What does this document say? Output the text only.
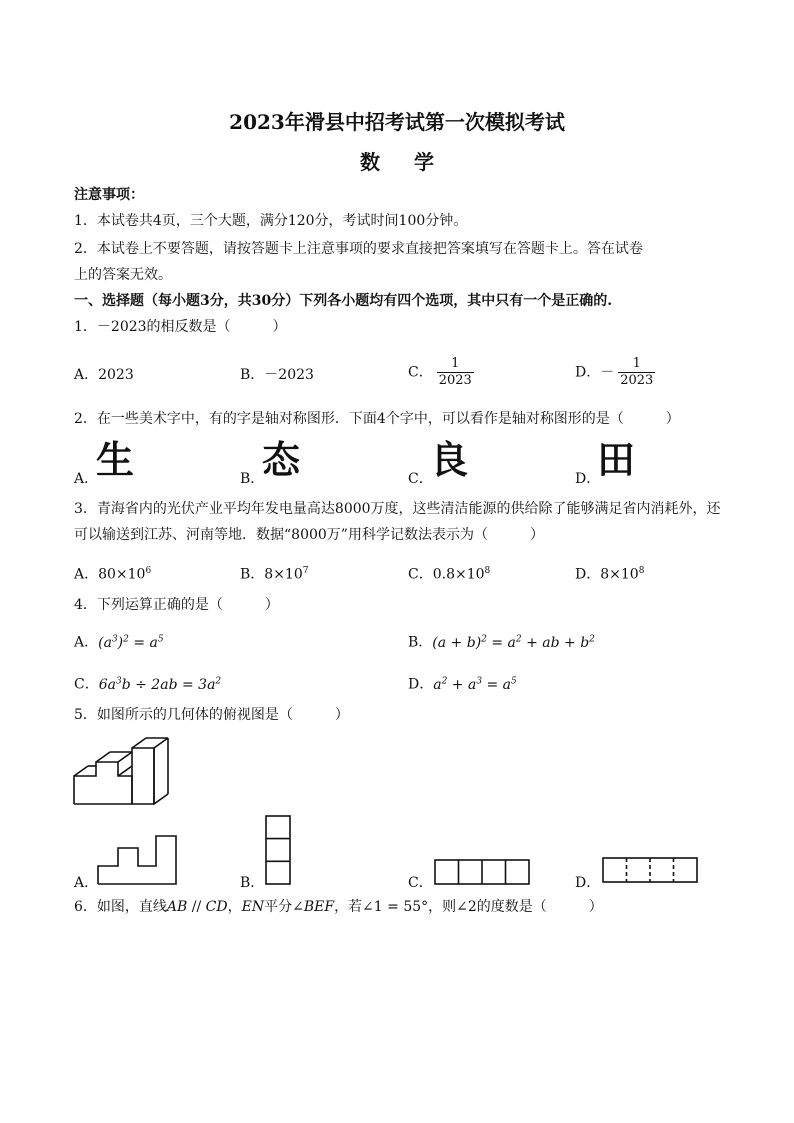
2023年滑县中招考试第一次模拟考试
数学
注意事项：
1．本试卷共4页，三个大题，满分120分，考试时间100分钟。
2．本试卷上不要答题，请按答题卡上注意事项的要求直接把答案填写在答题卡上。答在试卷
上的答案无效。
一、选择题（每小题3分，共30分）下列各小题均有四个选项，其中只有一个是正确的.
1．－2023的相反数是（　　　）
A．2023	B．－2023	C． $\frac{1}{2023}$	D．－ $\frac{1}{2023}$
2．在一些美术字中，有的字是轴对称图形．下面4个字中，可以看作是轴对称图形的是（　　　）
A．
生	B．
态	C．
良	D．
田
3．青海省内的光伏产业平均年发电量高达8000万度，这些清洁能源的供给除了能够满足省内消耗外，还
可以输送到江苏、河南等地．数据“8000万”用科学记数法表示为（　　　）
A．$80\times 10^6$	B．$8\times 10^7$	C．$0.8\times 10^8$	D．$8\times 10^8$
4．下列运算正确的是（　　　）
A．$(a^3)^2 = a^5$	B．$(a + b)^2 = a^2$ + ab + $b^2$
C．$6a^3b \div 2ab = 3a^2$	D．$a^2 + a^3 = a^5$
5．如图所示的几何体的俯视图是（　　　）
A．	B．	C．	D．
6．如图，直线AB // CD，EN平分∠BEF，若∠1 = 55°，则∠2的度数是（　　　）
